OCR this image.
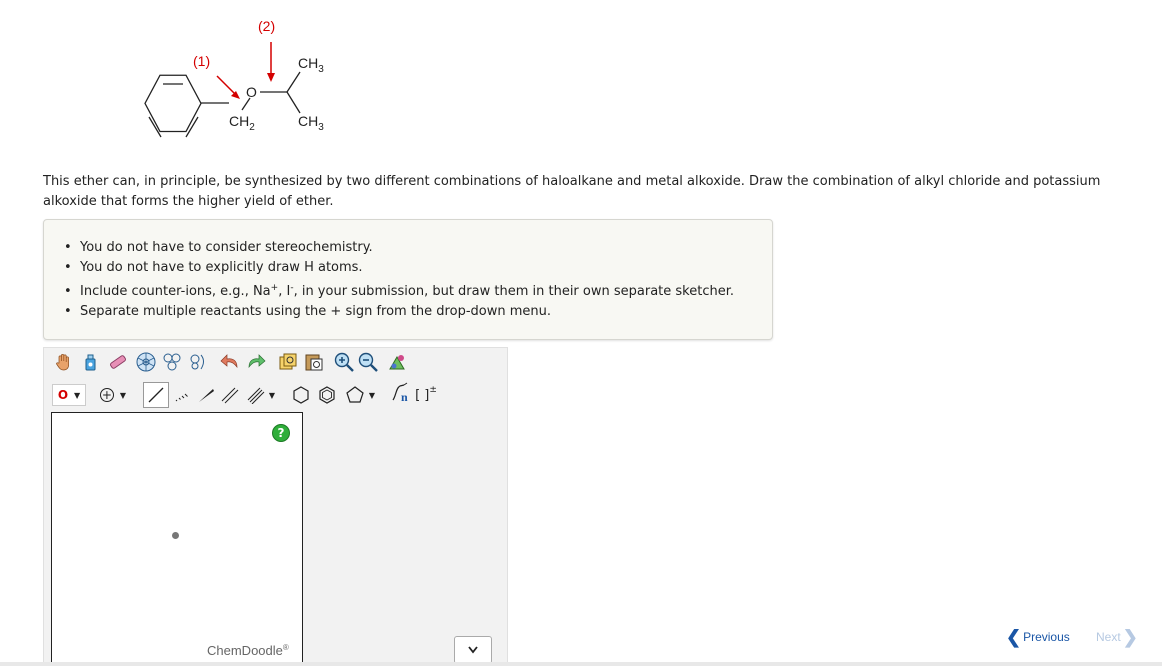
O
$CH_2$
$CH_3$
$CH_3$
(1)
(2)
This ether can, in principle, be synthesized by two different combinations of haloalkane and metal alkoxide. Draw the combination of alkyl chloride and potassium alkoxide that forms the higher yield of ether.
• You do not have to consider stereochemistry.
• You do not have to explicitly draw H atoms.
• Include counter-ions, e.g., Na+, I-, in your submission, but draw them in their own separate sketcher.
• Separate multiple reactants using the + sign from the drop-down menu.
O ▼ + ▼	▼	▼ n [ ] ±
?
ChemDoodle®
❮ Previous Next ❯
